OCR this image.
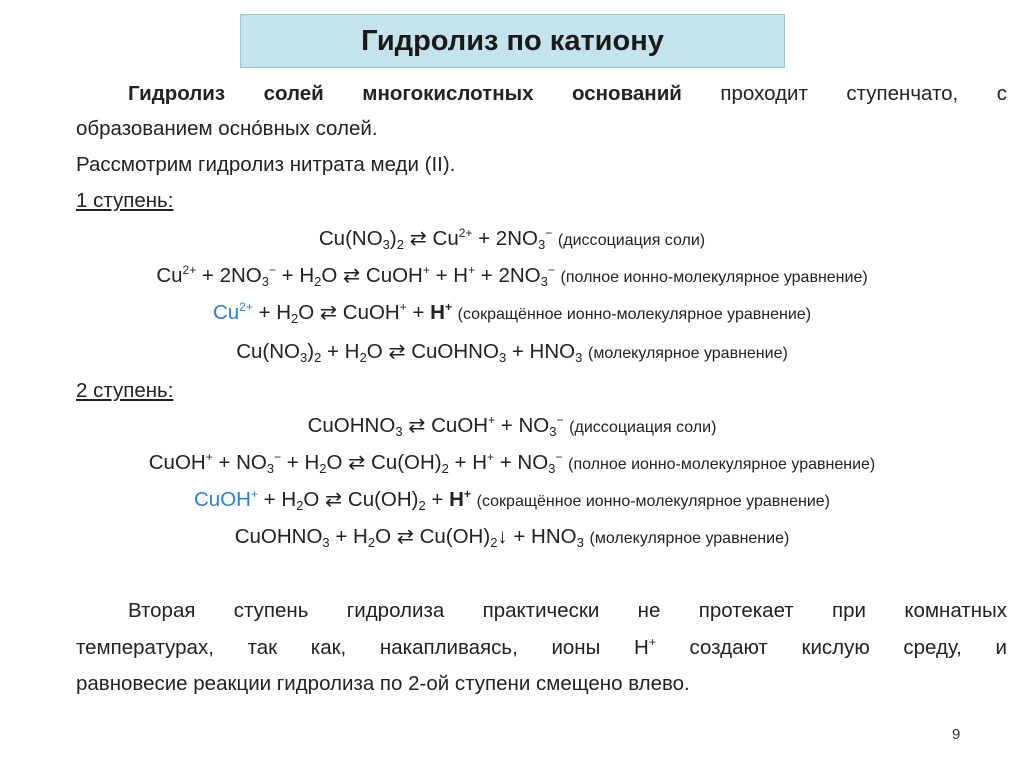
Гидролиз по катиону
Гидролиз солей многокислотных оснований проходит ступенчато, с
образованием осно́вных солей.
Рассмотрим гидролиз нитрата меди (II).
1 ступень:
$Cu(NO_3)_2$ ⇄ $Cu^{2+} + 2NO_3^-$ (диссоциация соли)
$Cu^{2+} + 2NO_3^- + H_2O$ ⇄ CuOH+ + $H^+ + 2NO_3^-$ (полное ионно-молекулярное уравнение)
$Cu^{2+} + H_2O$ ⇄ CuOH+ + H+ (сокращённое ионно-молекулярное уравнение)
$Cu(NO_3)_2 + H_2O$ ⇄ CuOHNO$_3$ + $HNO_3$ (молекулярное уравнение)
2 ступень:
CuOHNO$_3$ ⇄ CuOH+ + $NO_3^-$ (диссоциация соли)
CuOH+ + $NO_3^- + H_2O$ ⇄ $Cu(OH)_2 + H^+ + NO_3^-$ (полное ионно-молекулярное уравнение)
CuOH+ + $H_2O$ ⇄ $Cu(OH)_2 + H^+$ (сокращённое ионно-молекулярное уравнение)
CuOHNO$_3$ + $H_2O$ ⇄ $Cu(OH)_2↓ + HNO_3$ (молекулярное уравнение)
Вторая ступень гидролиза практически не протекает при комнатных
температурах, так как, накапливаясь, ионы Н+ создают кислую среду, и
равновесие реакции гидролиза по 2-ой ступени смещено влево.
9
